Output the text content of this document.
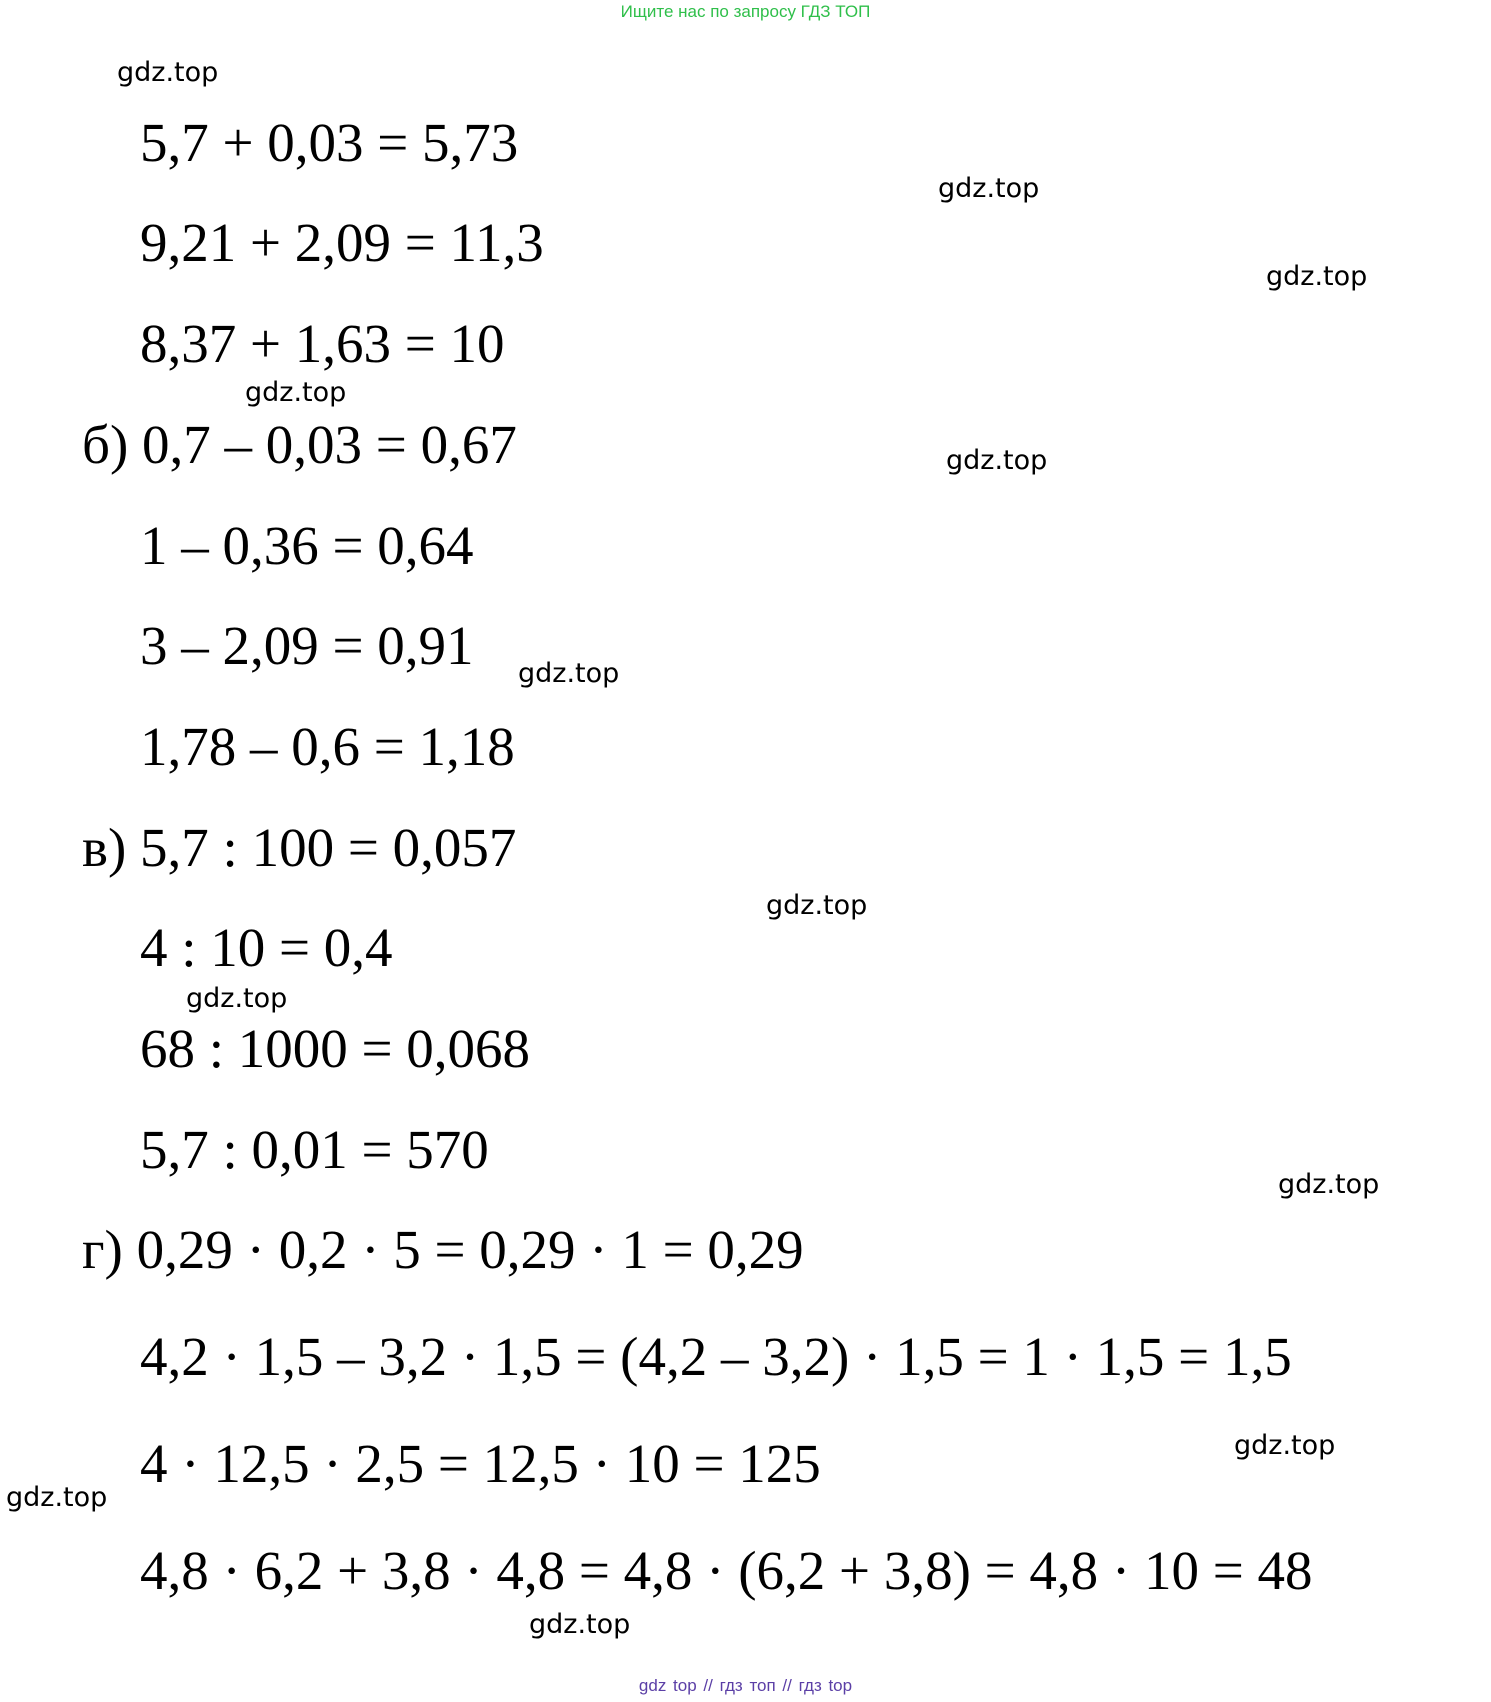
Ищите нас по запросу ГДЗ ТОП
5,7 + 0,03 = 5,73
9,21 + 2,09 = 11,3
8,37 + 1,63 = 10
б) 0,7 – 0,03 = 0,67
1 – 0,36 = 0,64
3 – 2,09 = 0,91
1,78 – 0,6 = 1,18
в) 5,7 : 100 = 0,057
4 : 10 = 0,4
68 : 1000 = 0,068
5,7 : 0,01 = 570
г) 0,29 · 0,2 · 5 = 0,29 · 1 = 0,29
4,2 · 1,5 – 3,2 · 1,5 = (4,2 – 3,2) · 1,5 = 1 · 1,5 = 1,5
4 · 12,5 · 2,5 = 12,5 · 10 = 125
4,8 · 6,2 + 3,8 · 4,8 = 4,8 · (6,2 + 3,8) = 4,8 · 10 = 48
gdz.top
gdz.top
gdz.top
gdz.top
gdz.top
gdz.top
gdz.top
gdz.top
gdz.top
gdz.top
gdz.top
gdz.top
gdz top // гдз топ // гдз top
